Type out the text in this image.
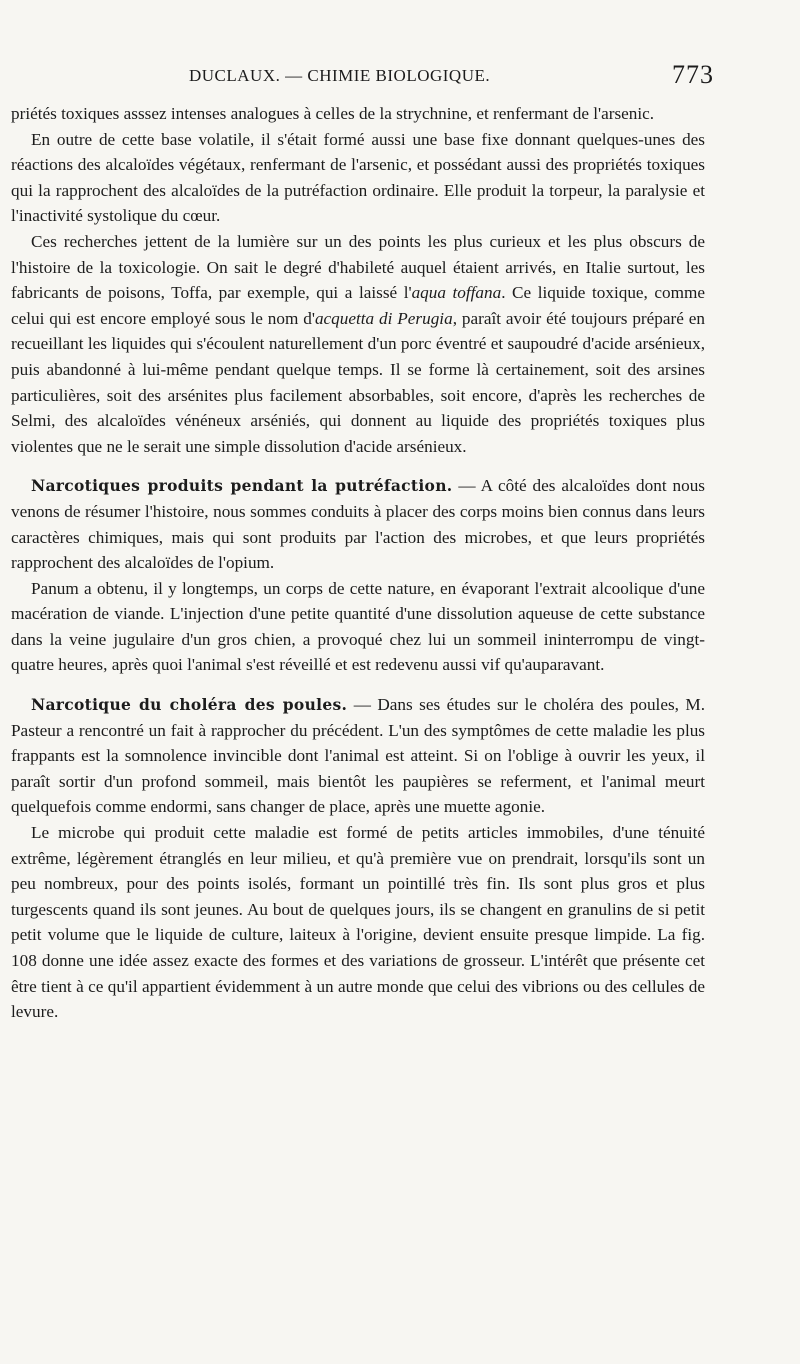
DUCLAUX. — CHIMIE BIOLOGIQUE.	773

priétés toxiques asssez intenses analogues à celles de la strychnine, et renfermant de l'arsenic.

En outre de cette base volatile, il s'était formé aussi une base fixe donnant quelques-unes des réactions des alcaloïdes végétaux, renfermant de l'arsenic, et possédant aussi des propriétés toxiques qui la rapprochent des alcaloïdes de la putréfaction ordinaire. Elle produit la torpeur, la paralysie et l'inactivité systolique du cœur.

Ces recherches jettent de la lumière sur un des points les plus curieux et les plus obscurs de l'histoire de la toxicologie. On sait le degré d'habileté auquel étaient arrivés, en Italie surtout, les fabricants de poisons, Toffa, par exemple, qui a laissé l'aqua toffana. Ce liquide toxique, comme celui qui est encore employé sous le nom d'acquetta di Perugia, paraît avoir été toujours préparé en recueillant les liquides qui s'écoulent naturellement d'un porc éventré et saupoudré d'acide arsénieux, puis abandonné à lui-même pendant quelque temps. Il se forme là certainement, soit des arsines particulières, soit des arsénites plus facilement absorbables, soit encore, d'après les recherches de Selmi, des alcaloïdes vénéneux arséniés, qui donnent au liquide des propriétés toxiques plus violentes que ne le serait une simple dissolution d'acide arsénieux.

Narcotiques produits pendant la putréfaction. — A côté des alcaloïdes dont nous venons de résumer l'histoire, nous sommes conduits à placer des corps moins bien connus dans leurs caractères chimiques, mais qui sont produits par l'action des microbes, et que leurs propriétés rapprochent des alcaloïdes de l'opium.

Panum a obtenu, il y longtemps, un corps de cette nature, en évaporant l'extrait alcoolique d'une macération de viande. L'injection d'une petite quantité d'une dissolution aqueuse de cette substance dans la veine jugulaire d'un gros chien, a provoqué chez lui un sommeil ininterrompu de vingt-quatre heures, après quoi l'animal s'est réveillé et est redevenu aussi vif qu'auparavant.

Narcotique du choléra des poules. — Dans ses études sur le choléra des poules, M. Pasteur a rencontré un fait à rapprocher du précédent. L'un des symptômes de cette maladie les plus frappants est la somnolence invincible dont l'animal est atteint. Si on l'oblige à ouvrir les yeux, il paraît sortir d'un profond sommeil, mais bientôt les paupières se referment, et l'animal meurt quelquefois comme endormi, sans changer de place, après une muette agonie.

Le microbe qui produit cette maladie est formé de petits articles immobiles, d'une ténuité extrême, légèrement étranglés en leur milieu, et qu'à première vue on prendrait, lorsqu'ils sont un peu nombreux, pour des points isolés, formant un pointillé très fin. Ils sont plus gros et plus turgescents quand ils sont jeunes. Au bout de quelques jours, ils se changent en granulins de si petit petit volume que le liquide de culture, laiteux à l'origine, devient ensuite presque limpide. La fig. 108 donne une idée assez exacte des formes et des variations de grosseur. L'intérêt que présente cet être tient à ce qu'il appartient évidemment à un autre monde que celui des vibrions ou des cellules de levure.
